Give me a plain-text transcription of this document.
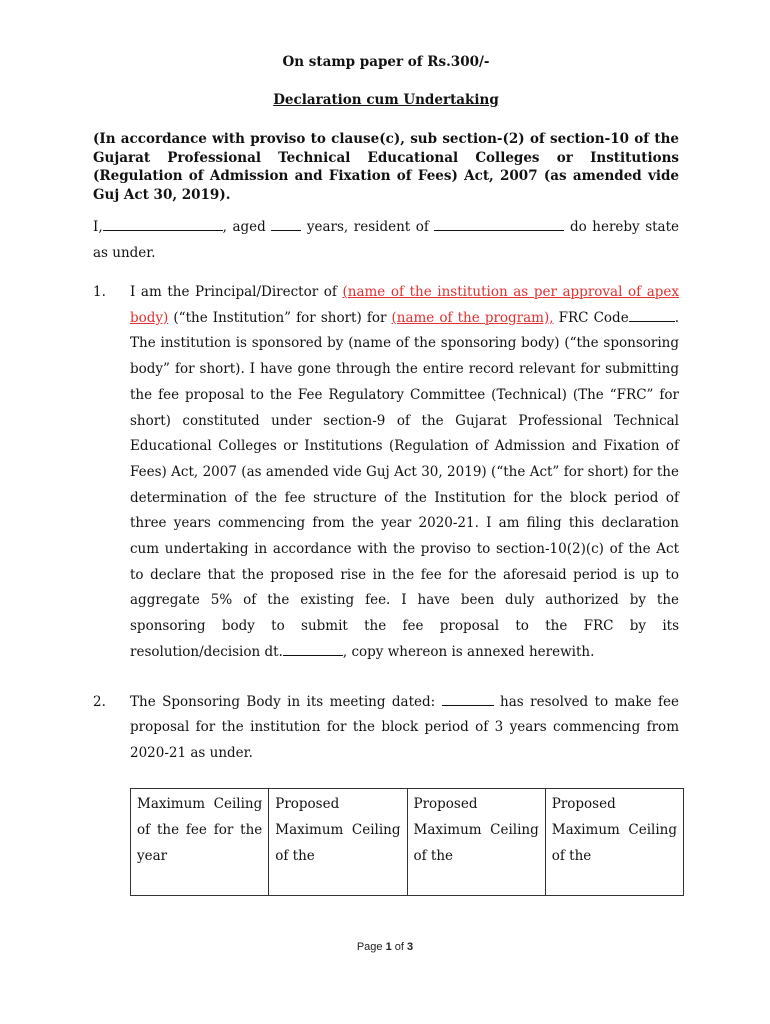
On stamp paper of Rs.300/-

Declaration cum Undertaking

(In accordance with proviso to clause(c), sub section-(2) of section-10 of the Gujarat Professional Technical Educational Colleges or Institutions (Regulation of Admission and Fixation of Fees) Act, 2007 (as amended vide Guj Act 30, 2019).

I,	, aged	years, resident of	do hereby state as under.

1. I am the Principal/Director of (name of the institution as per approval of apex body) (“the Institution” for short) for (name of the program), FRC Code	. The institution is sponsored by (name of the sponsoring body) (“the sponsoring body” for short). I have gone through the entire record relevant for submitting the fee proposal to the Fee Regulatory Committee (Technical) (The “FRC” for short) constituted under section-9 of the Gujarat Professional Technical Educational Colleges or Institutions (Regulation of Admission and Fixation of Fees) Act, 2007 (as amended vide Guj Act 30, 2019) (“the Act” for short) for the determination of the fee structure of the Institution for the block period of three years commencing from the year 2020-21. I am filing this declaration cum undertaking in accordance with the proviso to section-10(2)(c) of the Act to declare that the proposed rise in the fee for the aforesaid period is up to aggregate 5% of the existing fee. I have been duly authorized by the sponsoring body to submit the fee proposal to the FRC by its resolution/decision dt.	, copy whereon is annexed herewith.

2. The Sponsoring Body in its meeting dated:	has resolved to make fee proposal for the institution for the block period of 3 years commencing from 2020-21 as under.

Maximum Ceiling of the fee for the year	Proposed Maximum Ceiling of the	Proposed Maximum Ceiling of the	Proposed Maximum Ceiling of the
Page 1 of 3
